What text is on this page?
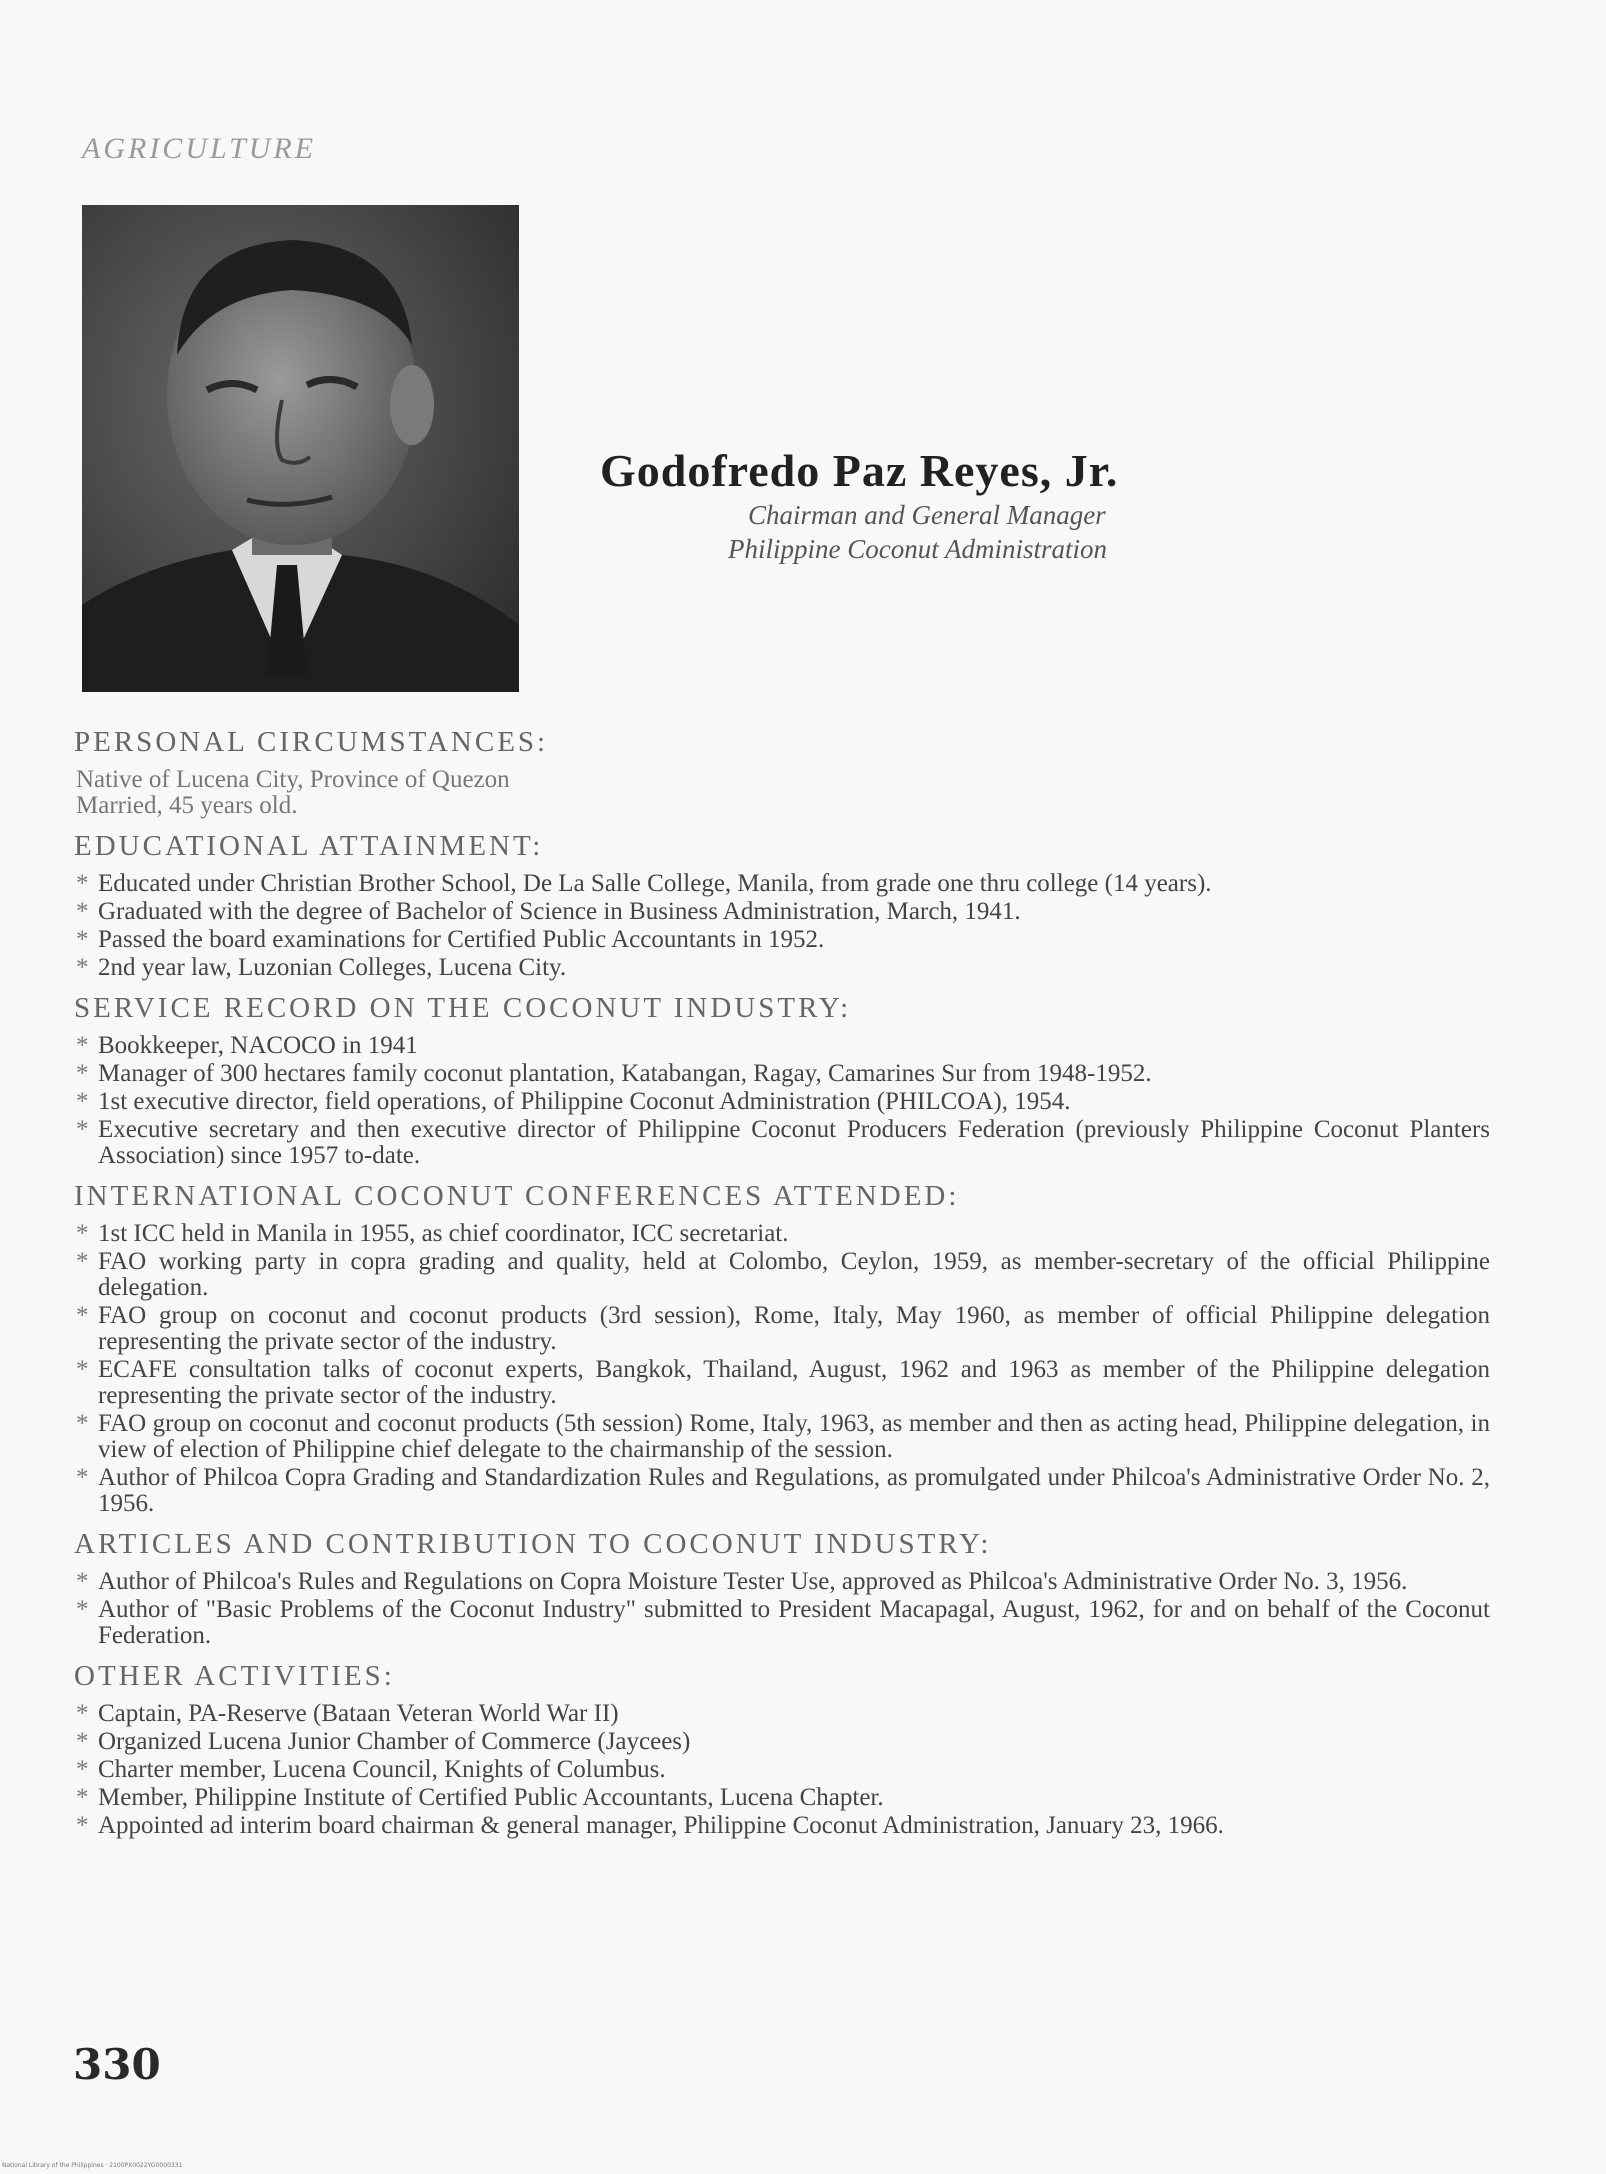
AGRICULTURE
Godofredo Paz Reyes, Jr.
Chairman and General Manager
Philippine Coconut Administration
PERSONAL CIRCUMSTANCES:
Native of Lucena City, Province of Quezon
Married, 45 years old.
EDUCATIONAL ATTAINMENT:
* Educated under Christian Brother School, De La Salle College, Manila, from grade one thru college (14 years).
* Graduated with the degree of Bachelor of Science in Business Administration, March, 1941.
* Passed the board examinations for Certified Public Accountants in 1952.
* 2nd year law, Luzonian Colleges, Lucena City.
SERVICE RECORD ON THE COCONUT INDUSTRY:
* Bookkeeper, NACOCO in 1941
* Manager of 300 hectares family coconut plantation, Katabangan, Ragay, Camarines Sur from 1948-1952.
* 1st executive director, field operations, of Philippine Coconut Administration (PHILCOA), 1954.
* Executive secretary and then executive director of Philippine Coconut Producers Federation (previously Philippine Coconut Planters Association) since 1957 to-date.
INTERNATIONAL COCONUT CONFERENCES ATTENDED:
* 1st ICC held in Manila in 1955, as chief coordinator, ICC secretariat.
* FAO working party in copra grading and quality, held at Colombo, Ceylon, 1959, as member-secretary of the official Philippine delegation.
* FAO group on coconut and coconut products (3rd session), Rome, Italy, May 1960, as member of official Philippine delegation representing the private sector of the industry.
* ECAFE consultation talks of coconut experts, Bangkok, Thailand, August, 1962 and 1963 as member of the Philippine delegation representing the private sector of the industry.
* FAO group on coconut and coconut products (5th session) Rome, Italy, 1963, as member and then as acting head, Philippine delegation, in view of election of Philippine chief delegate to the chairmanship of the session.
* Author of Philcoa Copra Grading and Standardization Rules and Regulations, as promulgated under Philcoa's Administrative Order No. 2, 1956.
ARTICLES AND CONTRIBUTION TO COCONUT INDUSTRY:
* Author of Philcoa's Rules and Regulations on Copra Moisture Tester Use, approved as Philcoa's Administrative Order No. 3, 1956.
* Author of "Basic Problems of the Coconut Industry" submitted to President Macapagal, August, 1962, for and on behalf of the Coconut Federation.
OTHER ACTIVITIES:
* Captain, PA-Reserve (Bataan Veteran World War II)
* Organized Lucena Junior Chamber of Commerce (Jaycees)
* Charter member, Lucena Council, Knights of Columbus.
* Member, Philippine Institute of Certified Public Accountants, Lucena Chapter.
* Appointed ad interim board chairman & general manager, Philippine Coconut Administration, January 23, 1966.
330
National Library of the Philippines · 2100PX0022YO0000331
